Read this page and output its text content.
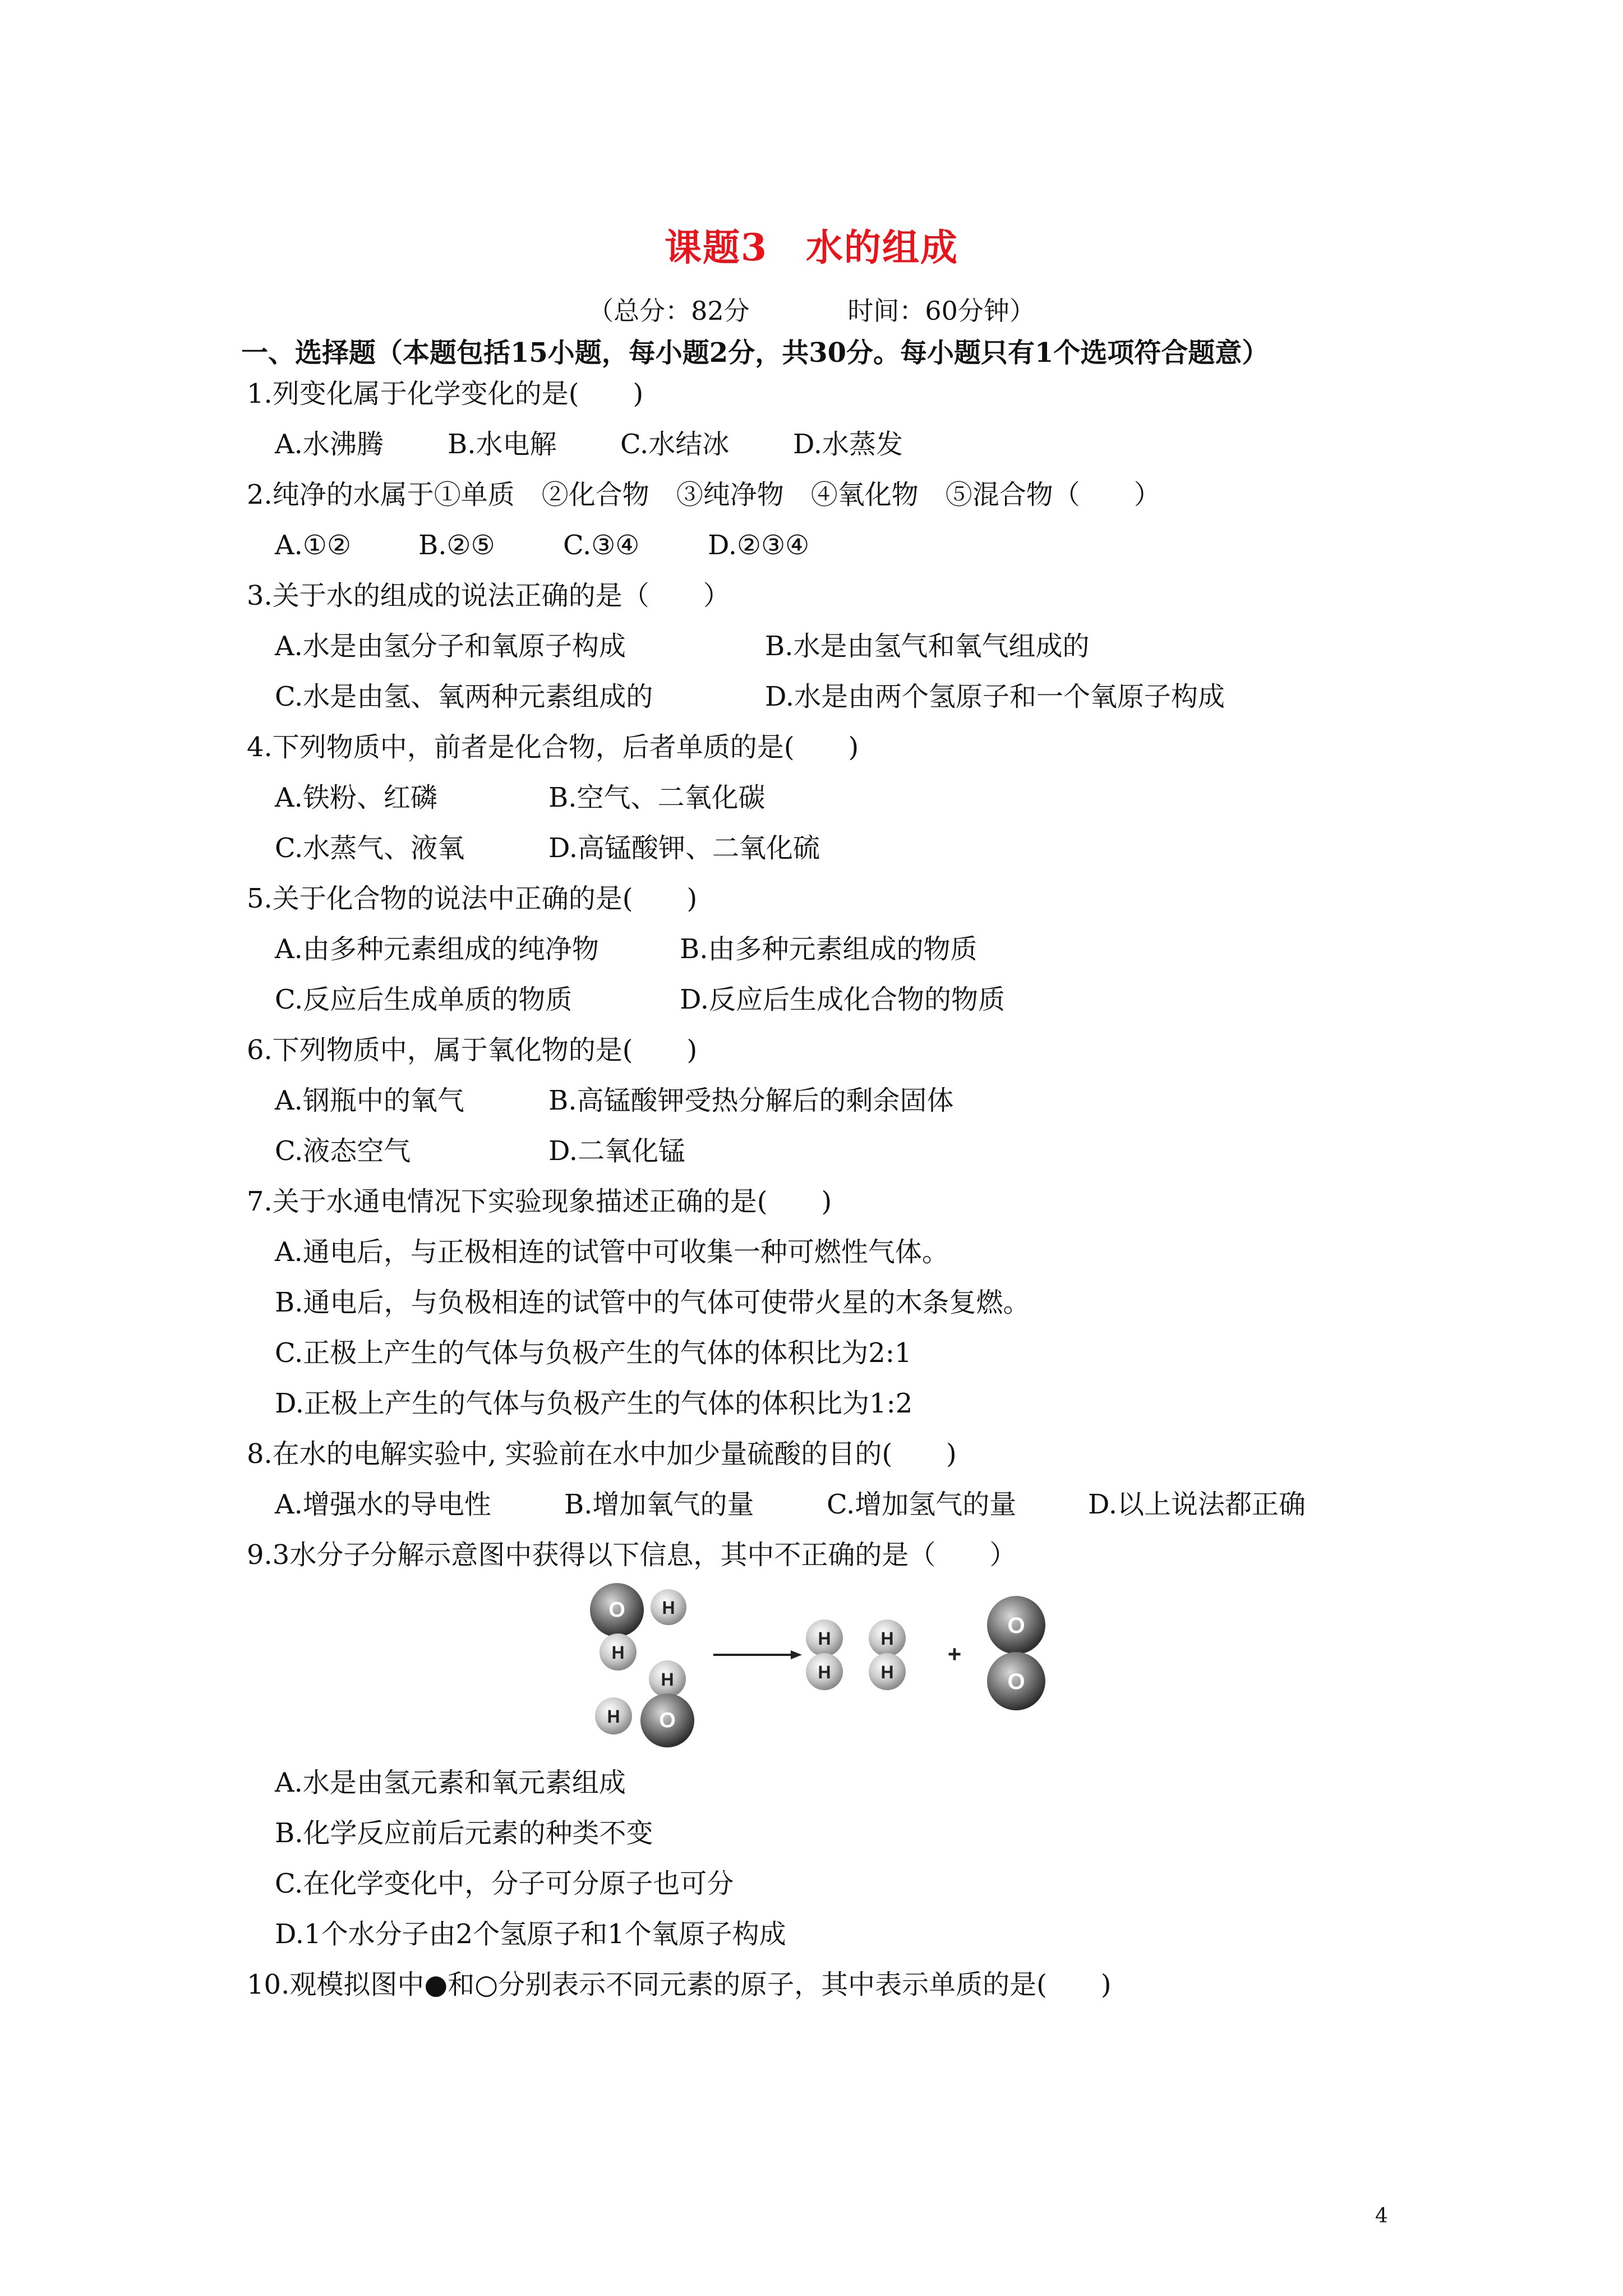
课题3　水的组成
（总分：82分	时间：60分钟）
一、选择题（本题包括15小题，每小题2分，共30分。每小题只有1个选项符合题意）
1.列变化属于化学变化的是(　　)
A.水沸腾 B.水电解 C.水结冰 D.水蒸发
2.纯净的水属于①单质　②化合物　③纯净物　④氧化物　⑤混合物（　　）
A.①②	B.②⑤	C.③④	D.②③④
3.关于水的组成的说法正确的是（　　）
A.水是由氢分子和氧原子构成	B.水是由氢气和氧气组成的
C.水是由氢、氧两种元素组成的	D.水是由两个氢原子和一个氧原子构成
4.下列物质中，前者是化合物，后者单质的是(　　)
A.铁粉、红磷	B.空气、二氧化碳
C.水蒸气、液氧	D.高锰酸钾、二氧化硫
5.关于化合物的说法中正确的是(　　)
A.由多种元素组成的纯净物	B.由多种元素组成的物质
C.反应后生成单质的物质	D.反应后生成化合物的物质
6.下列物质中，属于氧化物的是(　　)
A.钢瓶中的氧气	B.高锰酸钾受热分解后的剩余固体
C.液态空气	D.二氧化锰
7.关于水通电情况下实验现象描述正确的是(　　)
A.通电后，与正极相连的试管中可收集一种可燃性气体。
B.通电后，与负极相连的试管中的气体可使带火星的木条复燃。
C.正极上产生的气体与负极产生的气体的体积比为2:1
D.正极上产生的气体与负极产生的气体的体积比为1:2
8.在水的电解实验中, 实验前在水中加少量硫酸的目的(　　)
A.增强水的导电性	B.增加氧气的量	C.增加氢气的量	D.以上说法都正确
9.3水分子分解示意图中获得以下信息，其中不正确的是（　　）
O H
H
H
O
H
H
H
H
H
+
O
O
A.水是由氢元素和氧元素组成
B.化学反应前后元素的种类不变
C.在化学变化中，分子可分原子也可分
D.1个水分子由2个氢原子和1个氧原子构成
10.观模拟图中●和○分别表示不同元素的原子，其中表示单质的是(　　)
4
